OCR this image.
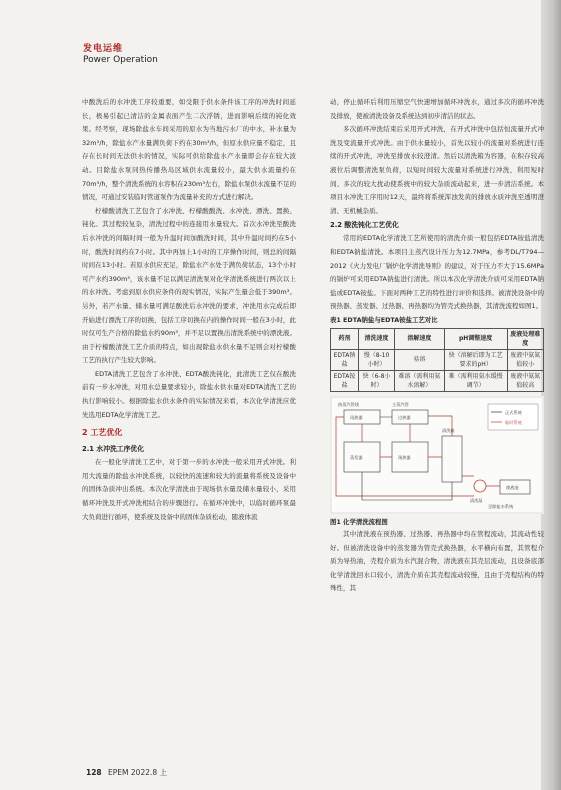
发电运维
Power Operation

中酸洗后的水冲洗工序较重要，如受限于供水条件该工序的冲洗时间延长，极易引起已清洁的金属表面产生二次浮锈，进而影响后续的钝化效果。经考察，现场除盐水车间采用的原水为当地污水厂的中水，补水量为32m³/h，除盐水产水量满负荷下约在30m³/h，但原水供应量不稳定，且存在长时间无法供水的情况，实际可供给除盐水产水量即会存在较大波动。目除盐水泵同热传播热岛区域供水流量较小，最大供水流量约在70m³/h，整个清洗系统的水容积在230m³左右，除盐水泵供水流量不足的情况，可通过安装临时管道泵作为流量补充的方式进行解决。

柠檬酸清洗工艺包含了水冲洗、柠檬酸酸洗、水冲洗、漂洗、置换、钝化。其过程较复杂，清洗过程中的连接用水量较大。首次水冲洗至酸洗后水冲洗的间隔时间一般为升温时间加酸洗时间，其中升温时间约在5小时，酸洗时间约在7小时。其中再加上1小时的工序操作时间，则总的间隔时间在13小时。若原水供应充足，除盐水产水处于满负荷状态，13个小时可产水约390m³，该水量不足以满足清洗泵对化学清洗系统进行两次以上的水冲洗。考虑到原水供应条件的现实情况，实际产生量会低于390m³。另外，若产水量、储水量可满足酸洗后水冲洗的要求，冲洗用水完成后即开始进行漂洗工序的切换，包括工序切换在内的操作时间一般在3小时，此时仅可生产合格的除盐水约90m³，并不足以置换出清洗系统中的漂洗液。由于柠檬酸清洗工艺介质的特点，如出现除盐水供水量不足则会对柠檬酸工艺的执行产生较大影响。

EDTA清洗工艺包含了水冲洗、EDTA酸洗钝化，此清洗工艺仅在酸洗前有一步水冲洗，对用水总量要求较小，除盐水供水量对EDTA清洗工艺的执行影响较小。根据除盐水供水条件的实际情况来看，本次化学清洗应优先选用EDTA化学清洗工艺。

2 工艺优化
2.1 水冲洗工序优化

在一般化学清洗工艺中，对于第一步的水冲洗一般采用开式冲洗。利用大流量的除盐水冲洗系统，以较快的流速和较大的流量将系统及设备中的固体杂质冲出系统。本次化学清洗由于现场供水量及储水量较小，采用循环冲洗及开式冲洗相结合的步骤进行。在循环冲洗中，以临时循环泵最大负荷进行循环，使系统及设备中的固体杂质松动，随液体流

动，停止循环后利用压缩空气快速增加循环冲洗水，通过多次的循环冲洗及排放，使被清洗设备及系统达到初步清洁的状态。

多次循环冲洗结束后采用开式冲洗，在开式冲洗中包括恒流量开式冲洗及变流量开式冲洗。由于供水量较小，首先以较小的流量对系统进行连续的开式冲洗，冲洗至排放水较澄清。然后以清洗箱为容器，在积存较高液位后调整清洗泵负荷，以短时间较大流量对系统进行冲洗，利用短时间、多次的较大扰动使系统中的较大杂质流动起来，进一步清洁系统。本项目水冲洗工序用时12天，最终将系统浑浊发黄的排放水质冲洗至透明澄清、无机械杂质。

2.2 酸洗钝化工艺优化

常用的EDTA化学清洗工艺所使用的清洗介质一般包括EDTA铵盐清洗和EDTA钠盐清洗。本项目主蒸汽设计压力为12.7MPa，参考DL/T794—2012《火力发电厂锅炉化学清洗导则》的建议，对于压力不大于15.6MPa的锅炉可采用EDTA钠盐进行清洗。所以本次化学清洗介质可采用EDTA钠盐或EDTA铵盐。下面对两种工艺的特性进行评价和选择。被清洗设备中的预热器、蒸发器、过热器、再热器均为管壳式换热器，其清洗流程如图1。

表1 EDTA钠盐与EDTA铵盐工艺对比
药剂	清洗速度	溶解速度	pH调整速度	废液处理难度
EDTA钠盐	慢（8-10小时）	易溶	快（溶解后即为工艺要求的pH）	废液中氨氮值较小
EDTA铵盐	快（6-8小时）	难溶（需利用氨水溶解）	难（需利用氨水缓慢调节）	废液中氨氮值较高
热蒸汽管线	主蒸汽管
再热器	过热器
蒸发器	预热器
正式系统
临时系统
清洗箱
清洗泵
废液池
至除盐水系统
图1 化学清洗流程图

其中清洗液在预热器、过热器、再热器中均在管程流动，其流动性较好。但被清洗设备中的蒸发器为管壳式换热器，水平横向布置，其管程介质为导热油，壳程介质为水汽混合物，清洗液在其壳层流动，且设备底部化学清洗回水口较小，清洗介质在其壳程流动较慢，且由于壳程结构的特殊性，其

128 EPEM 2022.8 上
